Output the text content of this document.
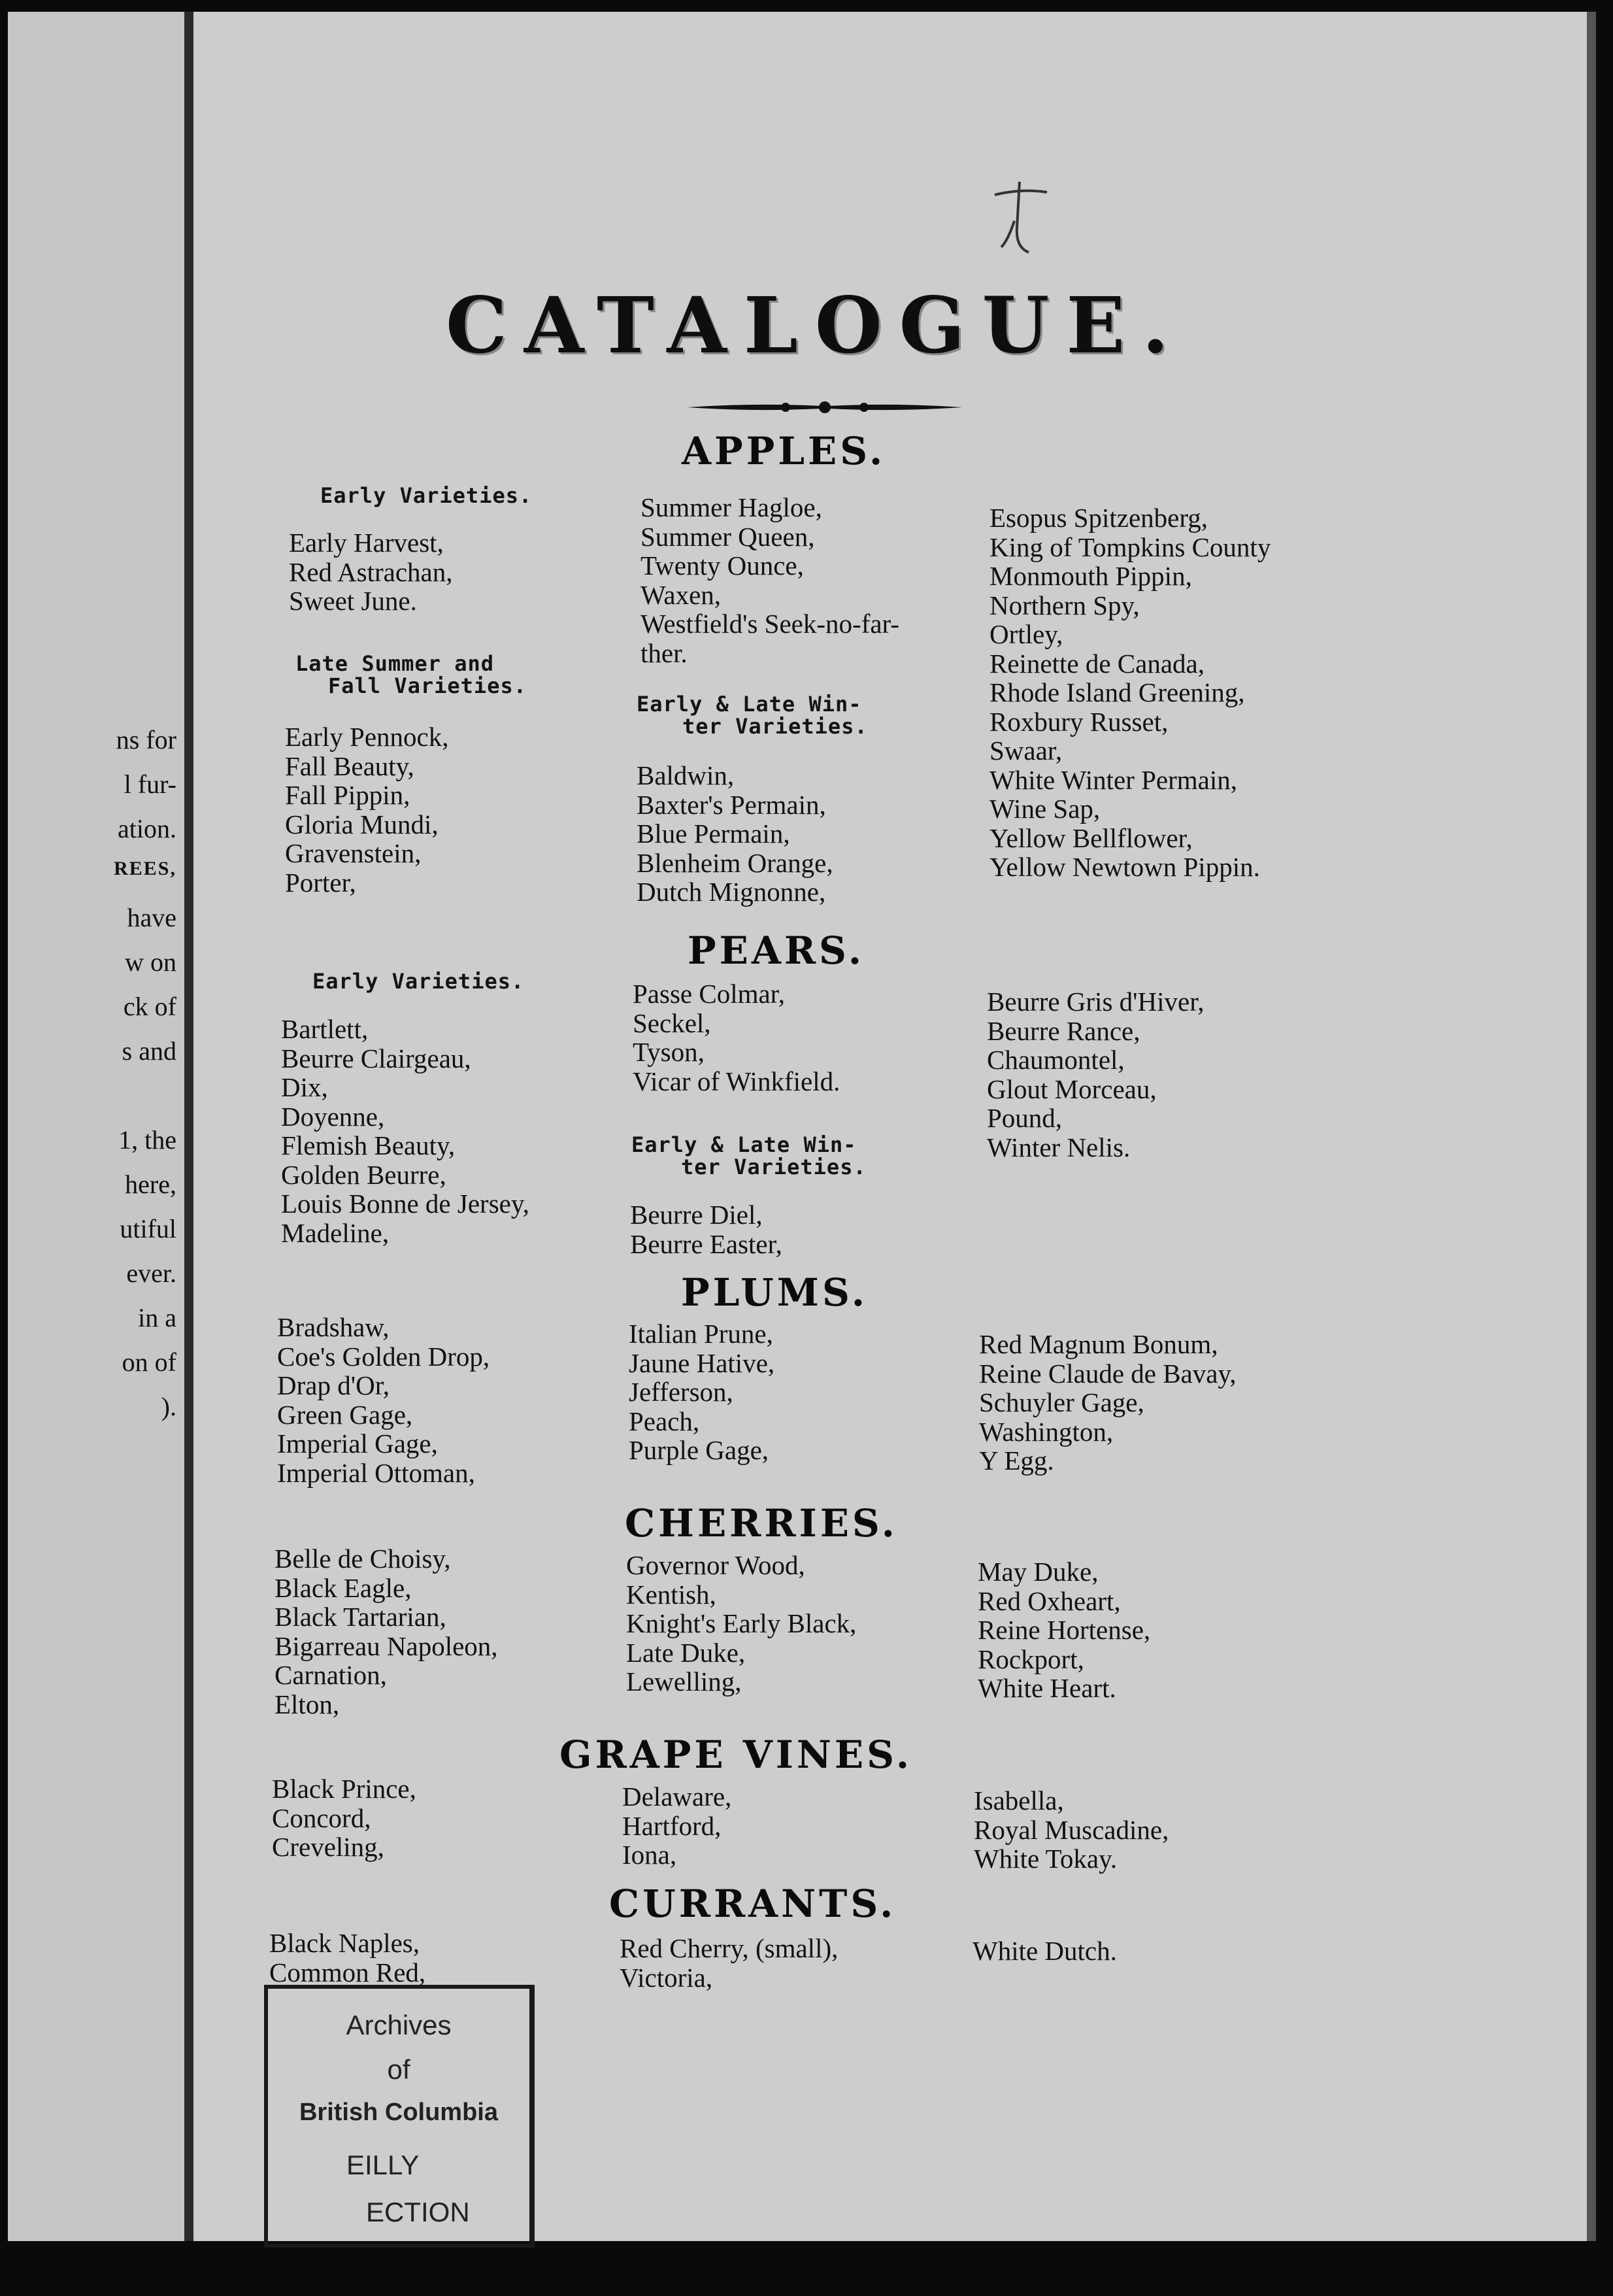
ns for
l fur-
ation.
REES,
have
w on
ck of
s and
1, the
here,
utiful
ever.
in a
on of
).
CATALOGUE.
APPLES.
Early Varieties.
Early Harvest,
Red Astrachan,
Sweet June.
Late Summer and
Fall Varieties.
Early Pennock,
Fall Beauty,
Fall Pippin,
Gloria Mundi,
Gravenstein,
Porter,
Summer Hagloe,
Summer Queen,
Twenty Ounce,
Waxen,
Westfield's Seek-no-far-
ther.
Early & Late Win-
ter Varieties.
Baldwin,
Baxter's Permain,
Blue Permain,
Blenheim Orange,
Dutch Mignonne,
Esopus Spitzenberg,
King of Tompkins County
Monmouth Pippin,
Northern Spy,
Ortley,
Reinette de Canada,
Rhode Island Greening,
Roxbury Russet,
Swaar,
White Winter Permain,
Wine Sap,
Yellow Bellflower,
Yellow Newtown Pippin.
PEARS.
Early Varieties.
Bartlett,
Beurre Clairgeau,
Dix,
Doyenne,
Flemish Beauty,
Golden Beurre,
Louis Bonne de Jersey,
Madeline,
Passe Colmar,
Seckel,
Tyson,
Vicar of Winkfield.
Early & Late Win-
ter Varieties.
Beurre Diel,
Beurre Easter,
Beurre Gris d'Hiver,
Beurre Rance,
Chaumontel,
Glout Morceau,
Pound,
Winter Nelis.
PLUMS.
Bradshaw,
Coe's Golden Drop,
Drap d'Or,
Green Gage,
Imperial Gage,
Imperial Ottoman,
Italian Prune,
Jaune Hative,
Jefferson,
Peach,
Purple Gage,
Red Magnum Bonum,
Reine Claude de Bavay,
Schuyler Gage,
Washington,
Y Egg.
CHERRIES.
Belle de Choisy,
Black Eagle,
Black Tartarian,
Bigarreau Napoleon,
Carnation,
Elton,
Governor Wood,
Kentish,
Knight's Early Black,
Late Duke,
Lewelling,
May Duke,
Red Oxheart,
Reine Hortense,
Rockport,
White Heart.
GRAPE VINES.
Black Prince,
Concord,
Creveling,
Delaware,
Hartford,
Iona,
Isabella,
Royal Muscadine,
White Tokay.
CURRANTS.
Black Naples,
Common Red,
Red Cherry, (small),
Victoria,
White Dutch.
Archives
of
British Columbia
EILLY
ECTION
